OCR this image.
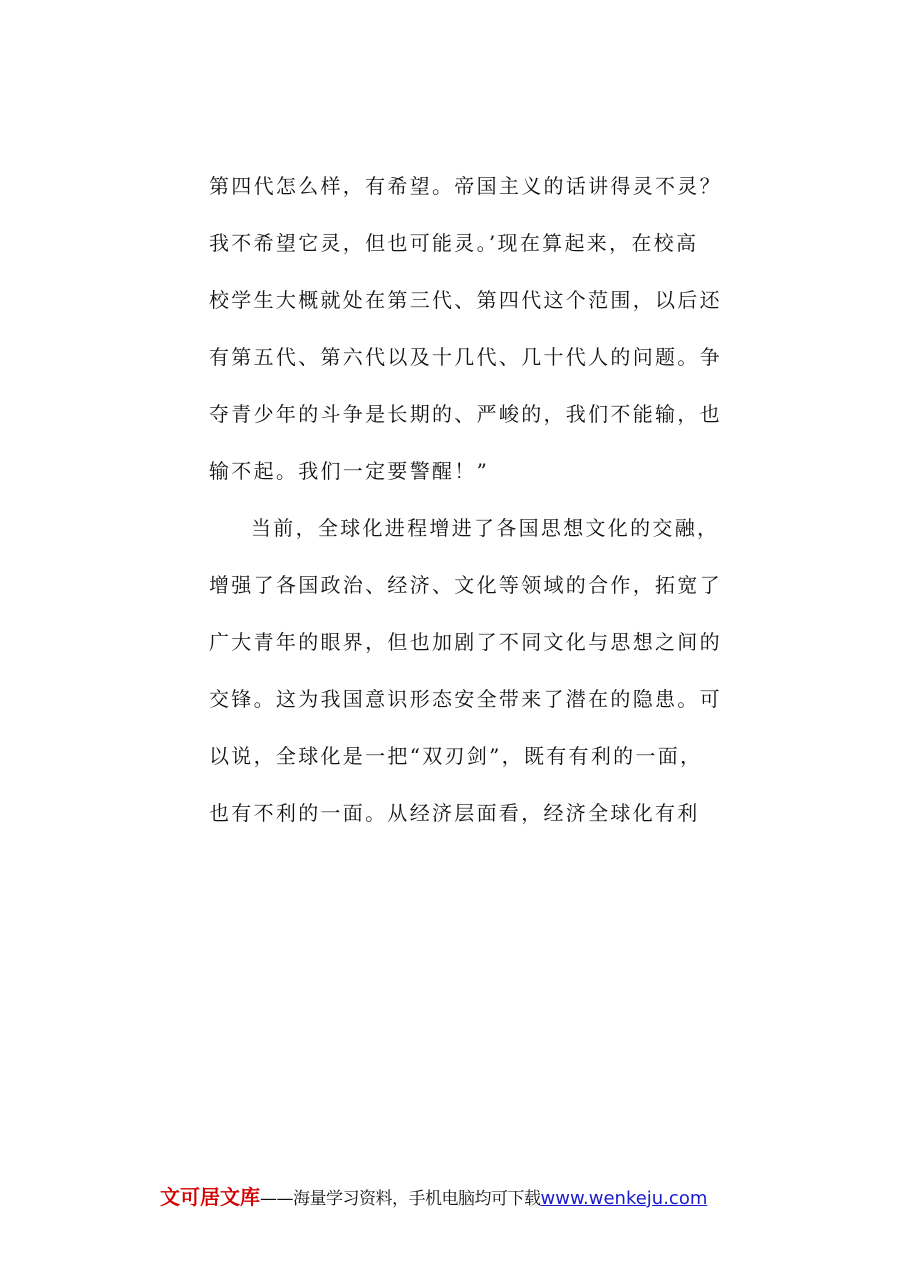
第四代怎么样，有希望。帝国主义的话讲得灵不灵？
我不希望它灵，但也可能灵。’现在算起来，在校高
校学生大概就处在第三代、第四代这个范围，以后还
有第五代、第六代以及十几代、几十代人的问题。争
夺青少年的斗争是长期的、严峻的，我们不能输，也
输不起。我们一定要警醒！”
当前，全球化进程增进了各国思想文化的交融，
增强了各国政治、经济、文化等领域的合作，拓宽了
广大青年的眼界，但也加剧了不同文化与思想之间的
交锋。这为我国意识形态安全带来了潜在的隐患。可
以说，全球化是一把“双刃剑”，既有有利的一面，
也有不利的一面。从经济层面看，经济全球化有利
文可居文库 ——海量学习资料，手机电脑均可下载 www.wenkeju.com
